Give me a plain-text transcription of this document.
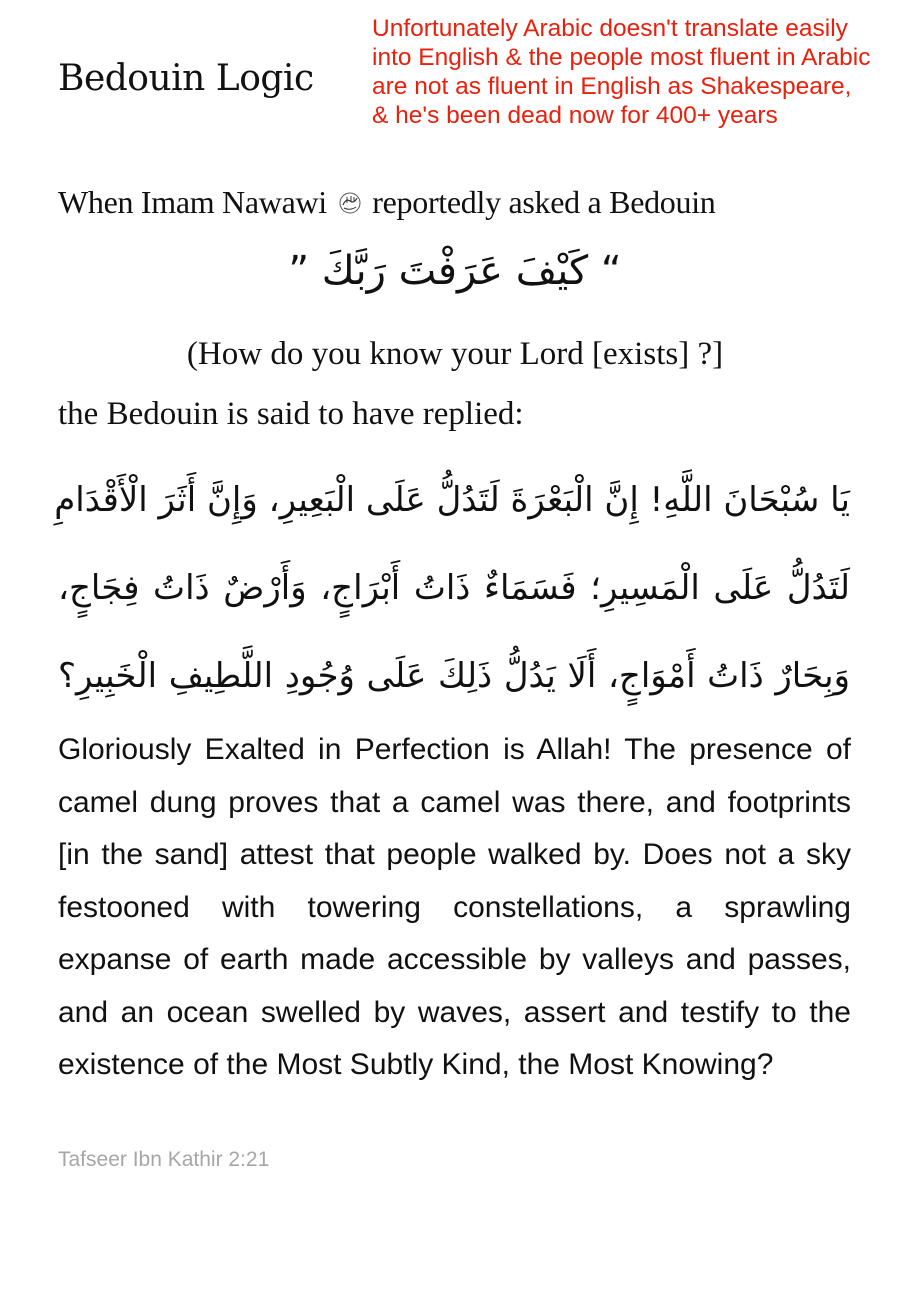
Bedouin Logic

Unfortunately Arabic doesn't translate easily into English & the people most fluent in Arabic are not as fluent in English as Shakespeare, & he's been dead now for 400+ years

When Imam Nawawi reportedly asked a Bedouin
“ كَيْفَ عَرَفْتَ رَبَّكَ ”
(How do you know your Lord [exists] ?]
the Bedouin is said to have replied:
يَا سُبْحَانَ اللَّهِ! إِنَّ الْبَعْرَةَ لَتَدُلُّ عَلَى الْبَعِيرِ، وَإِنَّ أَثَرَ الْأَقْدَامِ
لَتَدُلُّ عَلَى الْمَسِيرِ؛ فَسَمَاءٌ ذَاتُ أَبْرَاجٍ، وَأَرْضٌ ذَاتُ فِجَاجٍ،
وَبِحَارٌ ذَاتُ أَمْوَاجٍ، أَلَا يَدُلُّ ذَلِكَ عَلَى وُجُودِ اللَّطِيفِ الْخَبِيرِ؟

Gloriously Exalted in Perfection is Allah! The presence of camel dung proves that a camel was there, and footprints [in the sand] attest that people walked by. Does not a sky festooned with towering constellations, a sprawling expanse of earth made accessible by valleys and passes, and an ocean swelled by waves, assert and testify to the existence of the Most Subtly Kind, the Most Knowing?

Tafseer Ibn Kathir 2:21
